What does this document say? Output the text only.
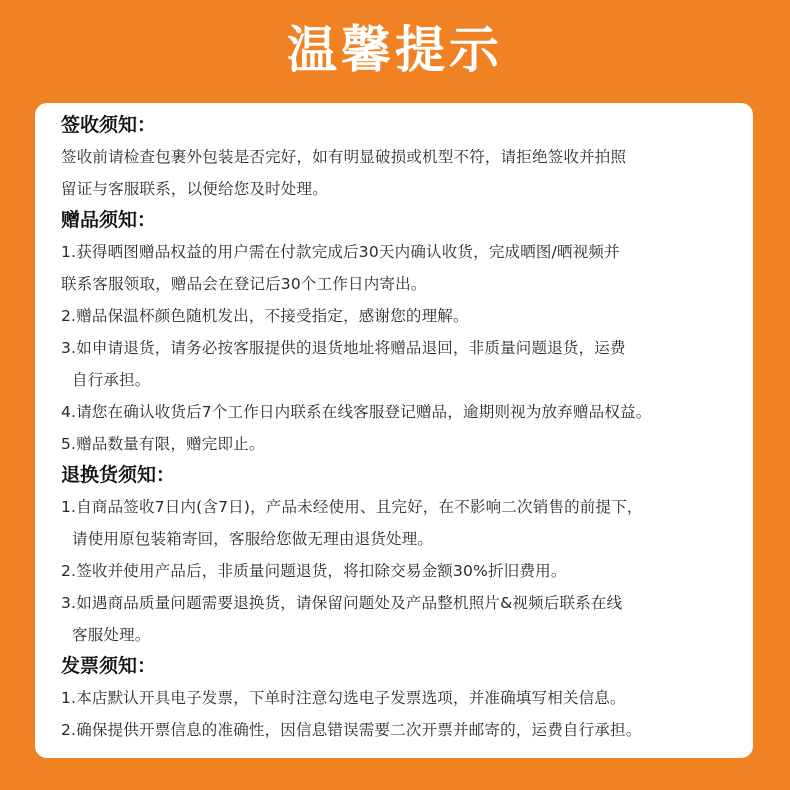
温馨提示
签收须知：
签收前请检查包裹外包装是否完好，如有明显破损或机型不符，请拒绝签收并拍照
留证与客服联系，以便给您及时处理。
赠品须知：
1.获得晒图赠品权益的用户需在付款完成后30天内确认收货，完成晒图/晒视频并
联系客服领取，赠品会在登记后30个工作日内寄出。
2.赠品保温杯颜色随机发出，不接受指定，感谢您的理解。
3.如申请退货，请务必按客服提供的退货地址将赠品退回，非质量问题退货，运费
自行承担。
4.请您在确认收货后7个工作日内联系在线客服登记赠品，逾期则视为放弃赠品权益。
5.赠品数量有限，赠完即止。
退换货须知：
1.自商品签收7日内(含7日)，产品未经使用、且完好，在不影响二次销售的前提下，
请使用原包装箱寄回，客服给您做无理由退货处理。
2.签收并使用产品后，非质量问题退货，将扣除交易金额30%折旧费用。
3.如遇商品质量问题需要退换货，请保留问题处及产品整机照片&视频后联系在线
客服处理。
发票须知：
1.本店默认开具电子发票，下单时注意勾选电子发票选项，并准确填写相关信息。
2.确保提供开票信息的准确性，因信息错误需要二次开票并邮寄的，运费自行承担。
